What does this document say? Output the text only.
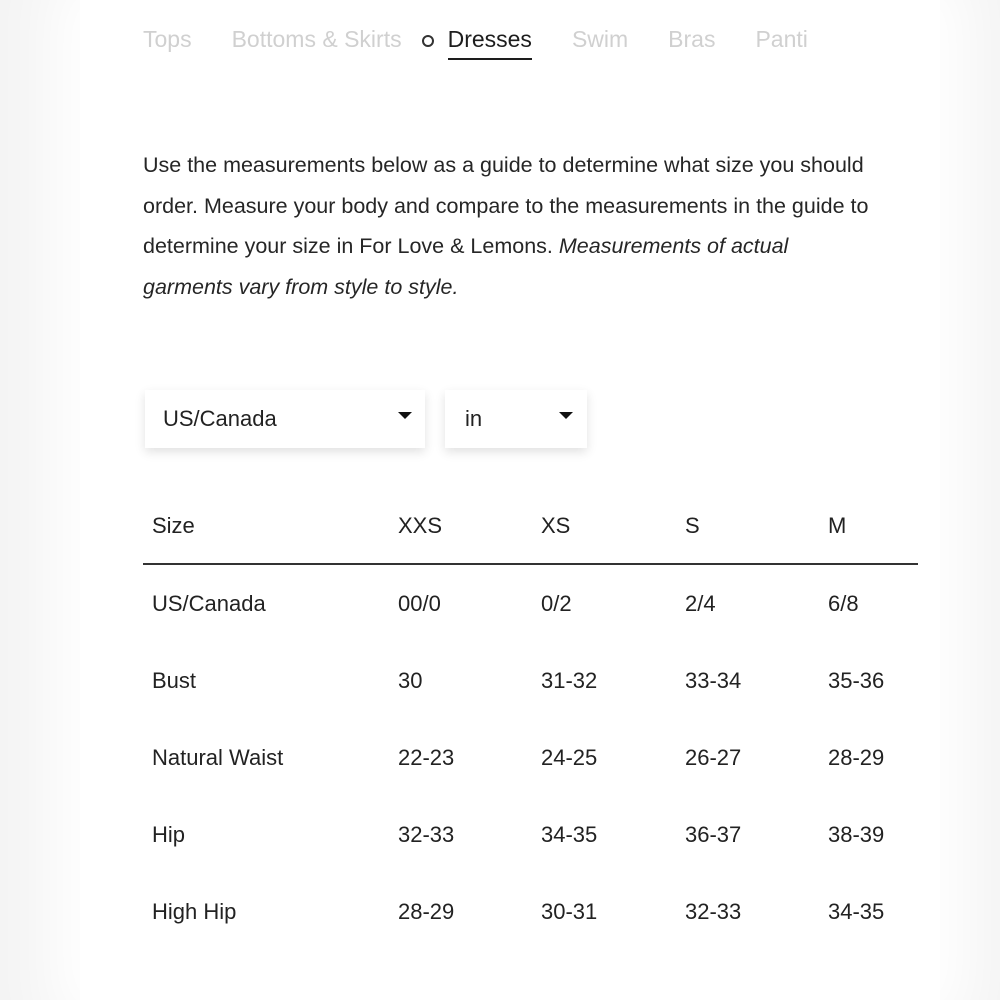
Tops Bottoms & Skirts Dresses Swim Bras Panti
Use the measurements below as a guide to determine what size you should order. Measure your body and compare to the measurements in the guide to determine your size in For Love & Lemons. Measurements of actual garments vary from style to style.
US/Canada	in
Size	XXS	XS	S	M
US/Canada	00/0	0/2	2/4	6/8
Bust	30	31-32	33-34	35-36
Natural Waist	22-23	24-25	26-27	28-29
Hip	32-33	34-35	36-37	38-39
High Hip	28-29	30-31	32-33	34-35
